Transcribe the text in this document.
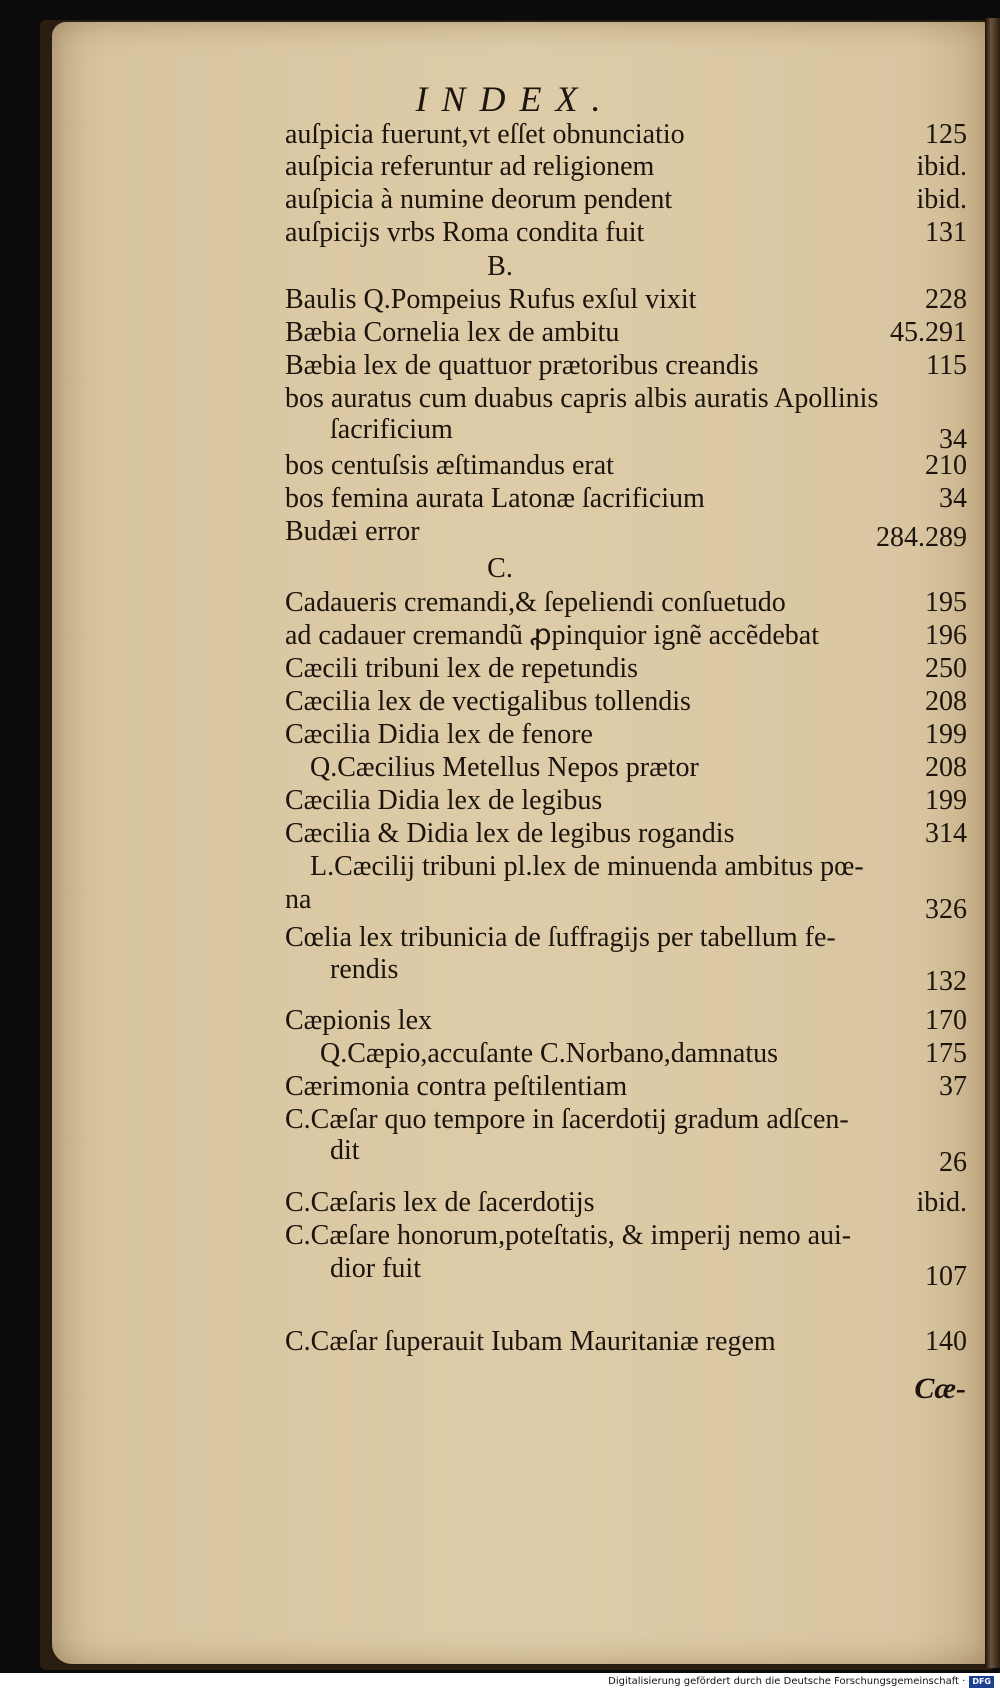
INDEX.
auſpicia fuerunt,vt eſſet obnunciatio	125
auſpicia referuntur ad religionem	ibid.
auſpicia à numine deorum pendent	ibid.
auſpicijs vrbs Roma condita fuit	131
B.
Baulis Q.Pompeius Rufus exſul vixit	228
Bæbia Cornelia lex de ambitu	45.291
Bæbia lex de quattuor prætoribus creandis	115
bos auratus cum duabus capris albis auratis Apollinis
ſacrificium	34
bos centuſsis æſtimandus erat	210
bos femina aurata Latonæ ſacrificium	34
Budæi error	284.289
C.
Cadaueris cremandi,& ſepeliendi conſuetudo	195
ad cadauer cremandũ ꝓpinquior ignẽ accẽdebat	196
Cæcili tribuni lex de repetundis	250
Cæcilia lex de vectigalibus tollendis	208
Cæcilia Didia lex de fenore	199
Q.Cæcilius Metellus Nepos prætor	208
Cæcilia Didia lex de legibus	199
Cæcilia & Didia lex de legibus rogandis	314
L.Cæcilij tribuni pl.lex de minuenda ambitus pœ-
na	326
Cœlia lex tribunicia de ſuffragijs per tabellum fe-
rendis	132
Cæpionis lex	170
Q.Cæpio,accuſante C.Norbano,damnatus	175
Cærimonia contra peſtilentiam	37
C.Cæſar quo tempore in ſacerdotij gradum adſcen-
dit	26
C.Cæſaris lex de ſacerdotijs	ibid.
C.Cæſare honorum,poteſtatis, & imperij nemo aui-
dior fuit	107
C.Cæſar ſuperauit Iubam Mauritaniæ regem	140
Cæ-
Digitalisierung gefördert durch die Deutsche Forschungsgemeinschaft · DFG
